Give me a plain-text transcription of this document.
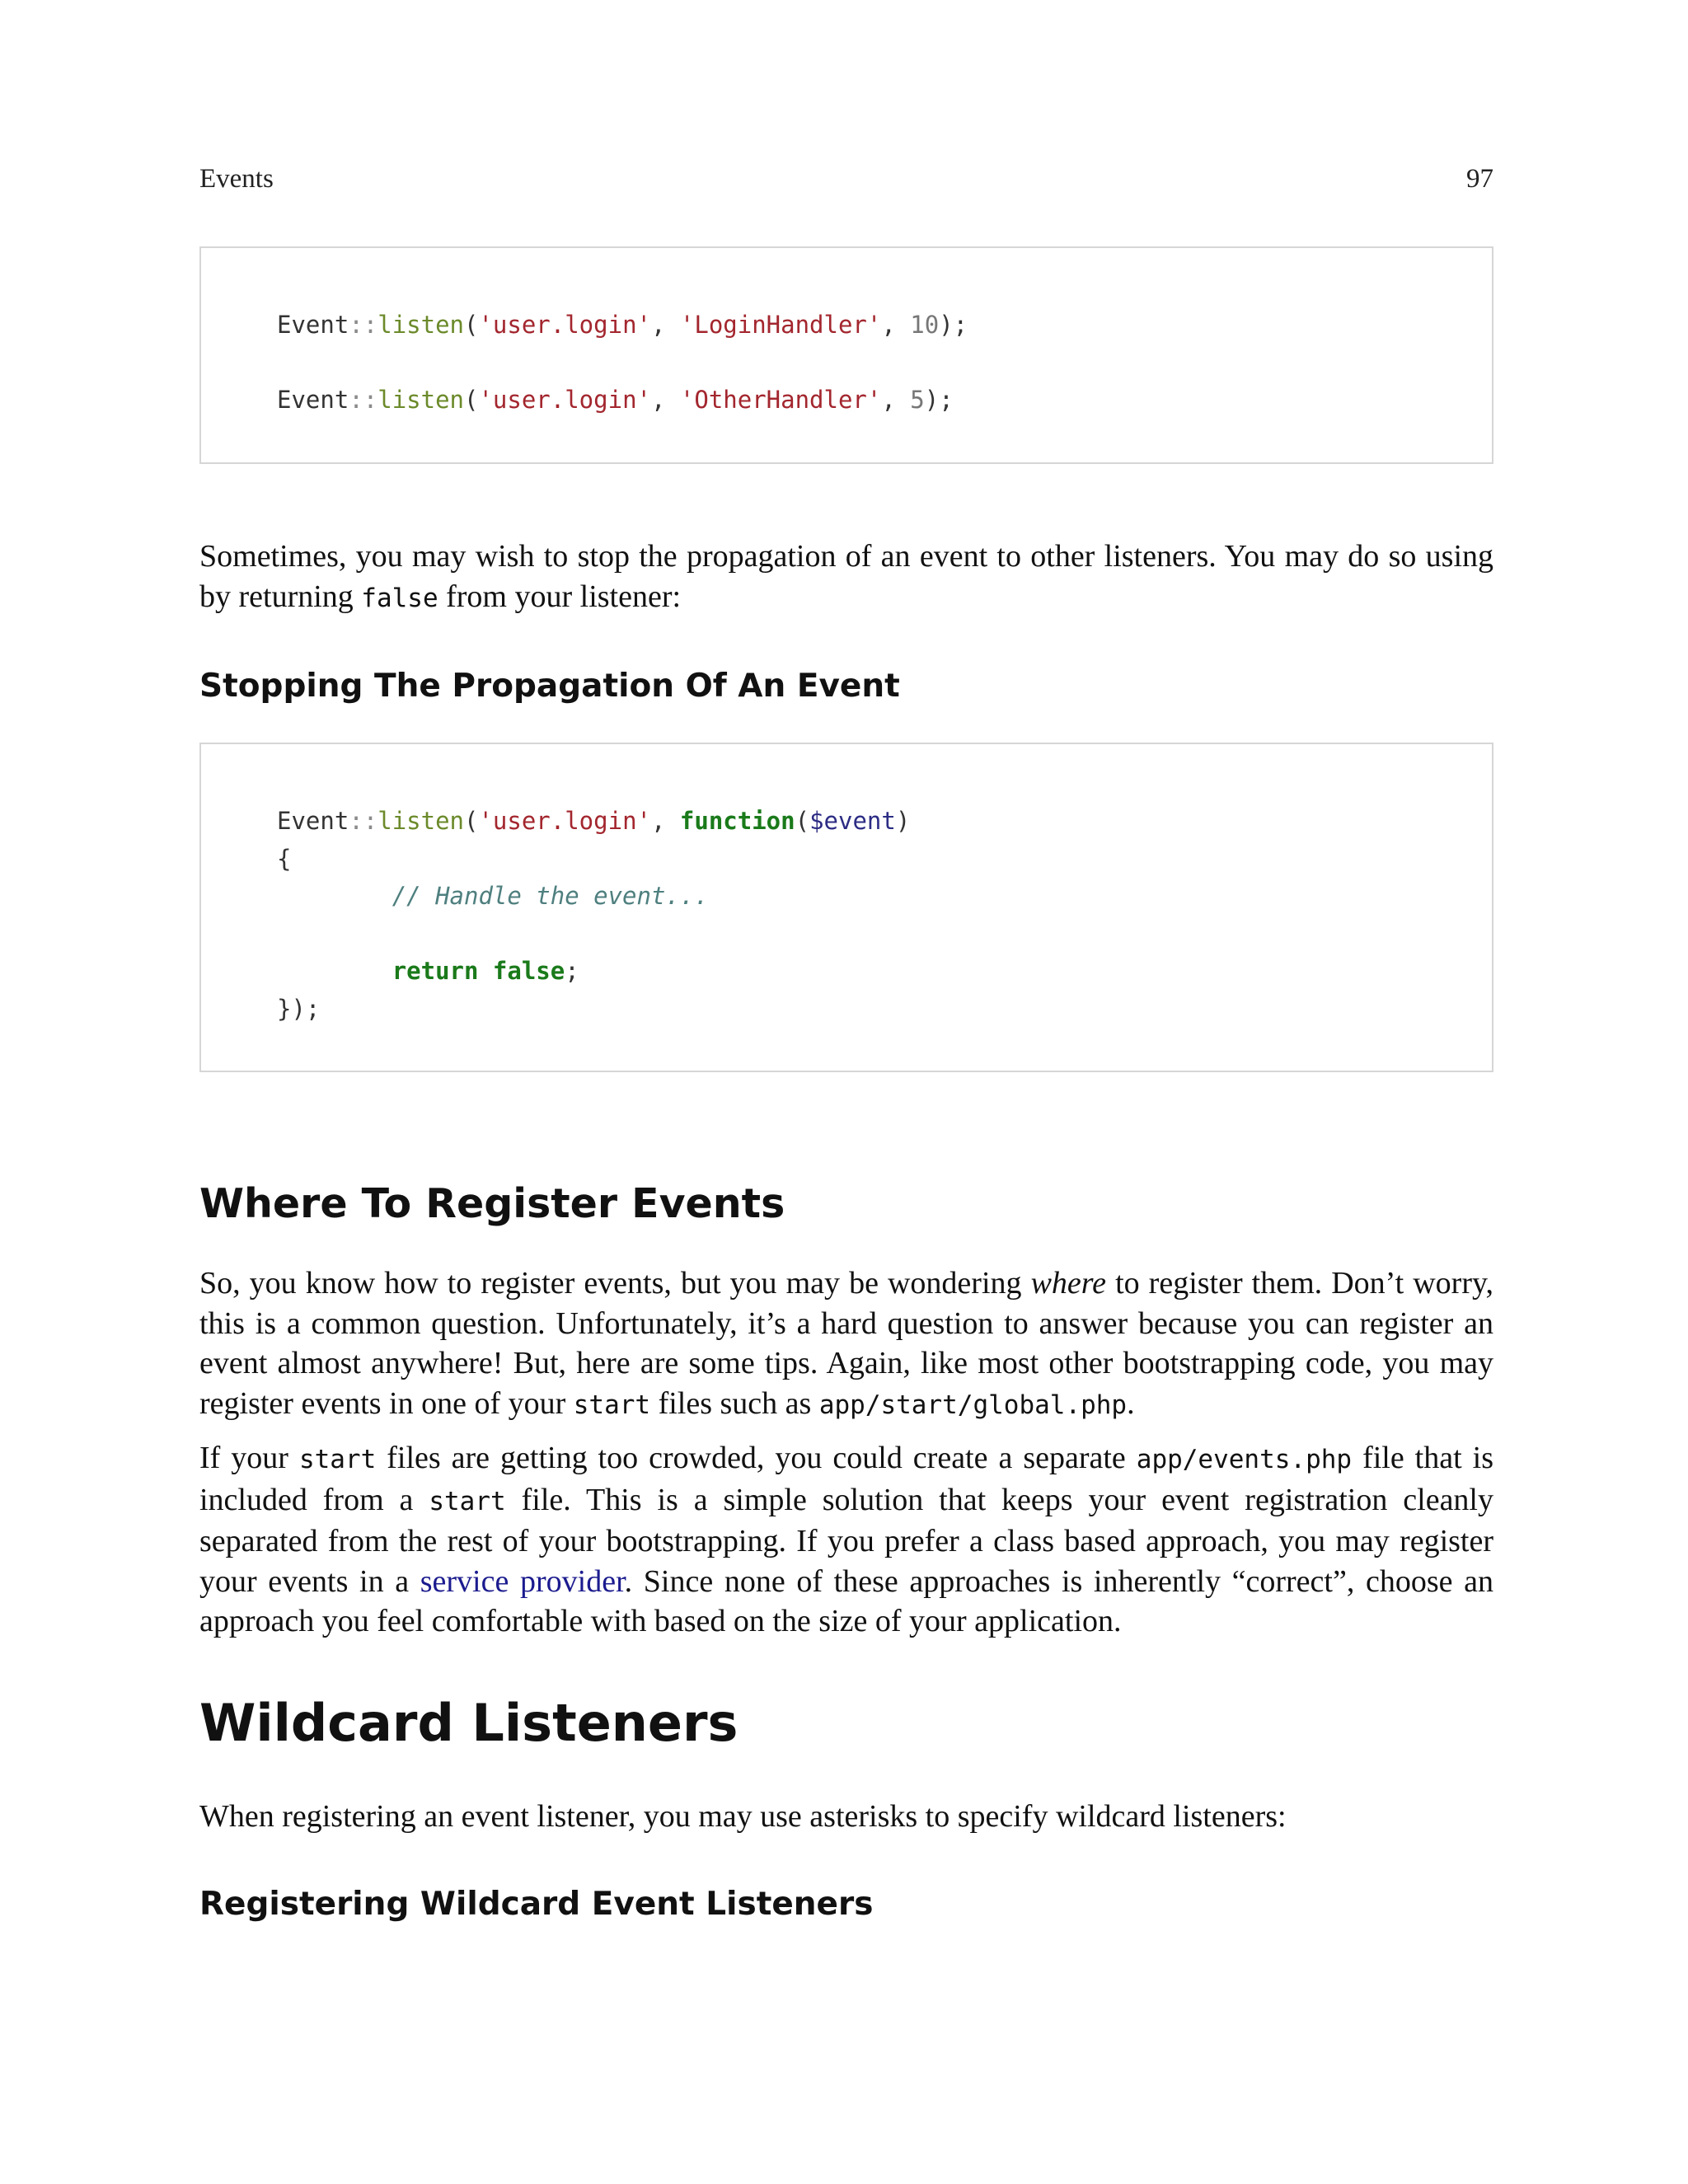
Events	97
Event::listen('user.login', 'LoginHandler', 10);

Event::listen('user.login', 'OtherHandler', 5);

Sometimes, you may wish to stop the propagation of an event to other listeners. You may do so using by returning false from your listener:

Stopping The Propagation Of An Event
Event::listen('user.login', function($event)
{
// Handle the event...

return false;
});
Where To Register Events

So, you know how to register events, but you may be wondering where to register them. Don’t worry, this is a common question. Unfortunately, it’s a hard question to answer because you can register an event almost anywhere! But, here are some tips. Again, like most other bootstrapping code, you may register events in one of your start files such as app/start/global.php.

If your start files are getting too crowded, you could create a separate app/events.php file that is included from a start file. This is a simple solution that keeps your event registration cleanly separated from the rest of your bootstrapping. If you prefer a class based approach, you may register your events in a service provider. Since none of these approaches is inherently “correct”, choose an approach you feel comfortable with based on the size of your application.

Wildcard Listeners

When registering an event listener, you may use asterisks to specify wildcard listeners:

Registering Wildcard Event Listeners
